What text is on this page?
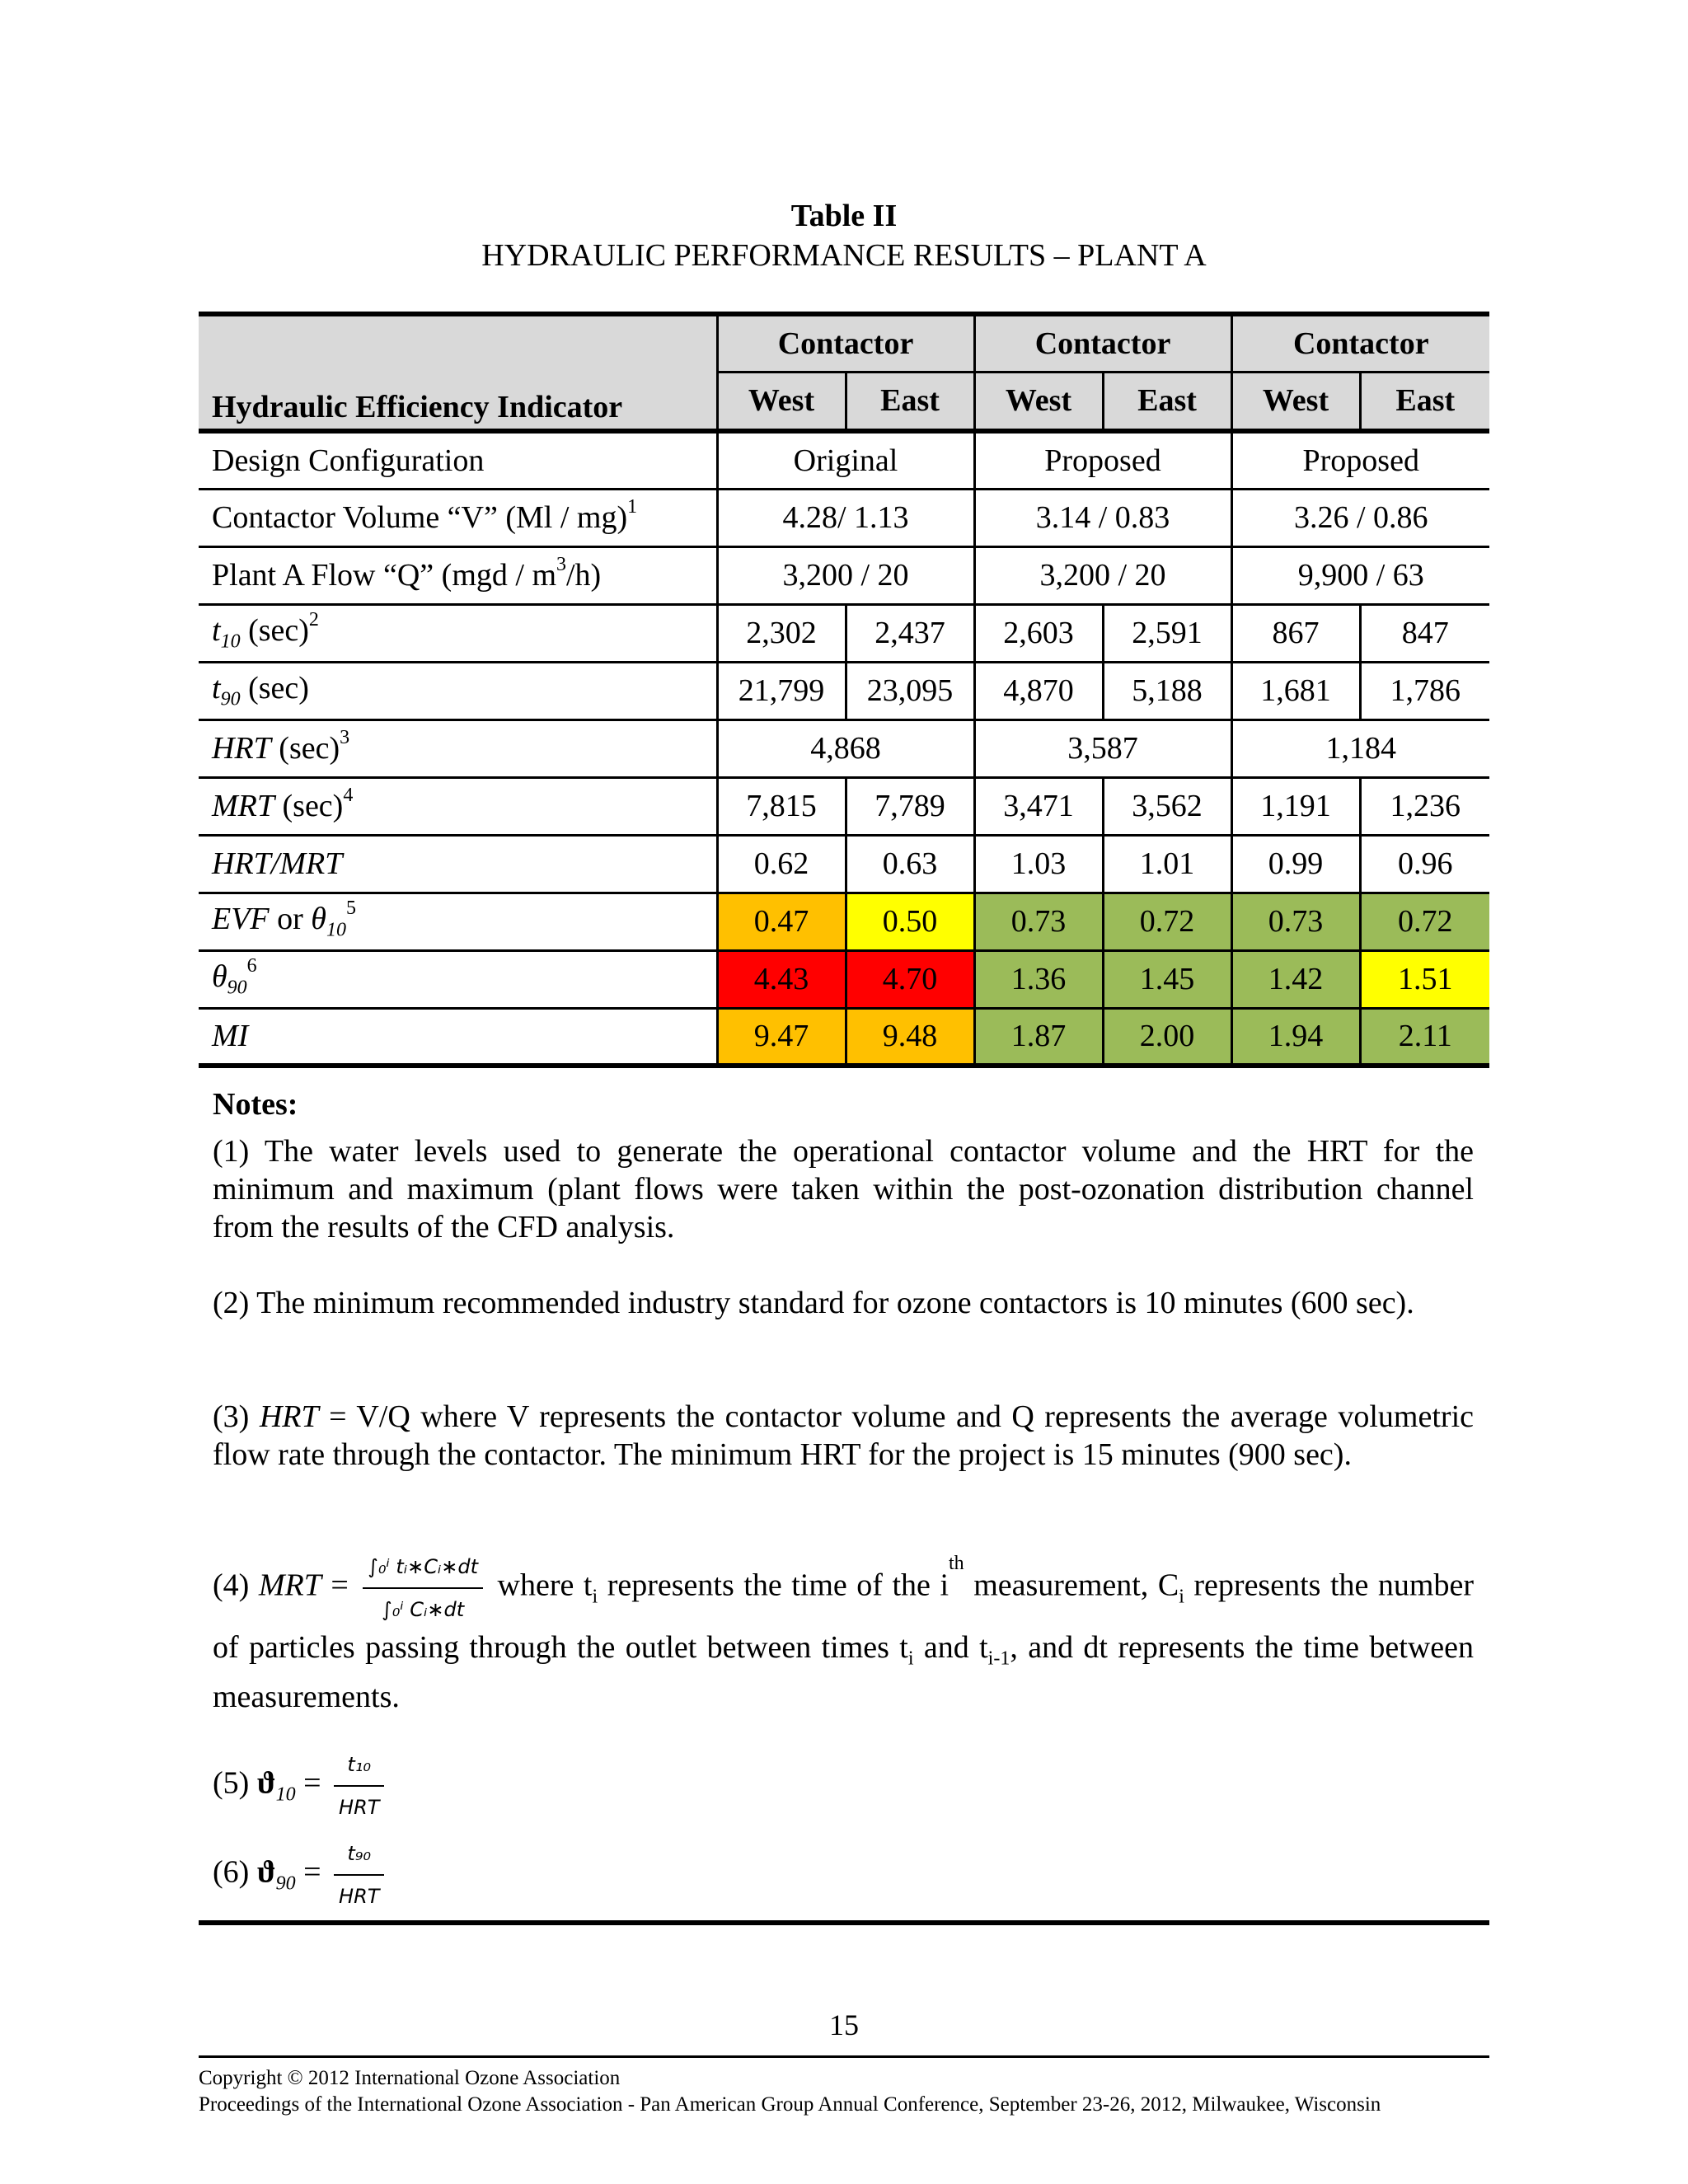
Table II
HYDRAULIC PERFORMANCE RESULTS – PLANT A
Hydraulic Efficiency Indicator	Contactor		Contactor		Contactor	
	West	East	West	East	West	East
Design Configuration	Original		Proposed		Proposed	
Contactor Volume “V” (Ml / mg)$^1$	4.28/ 1.13		3.14 / 0.83		3.26 / 0.86	
Plant A Flow “Q” $(mgd / m^3/h)$	3,200 / 20		3,200 / 20		9,900 / 63	
$t_{10}$ $(\sec)^2$	2,302	2,437	2,603	2,591	867	847
$t_{90}$ (sec)	21,799	23,095	4,870	5,188	1,681	1,786
HRT $(\sec)^3$	4,868		3,587		1,184	
MRT $(\sec)^4$	7,815	7,789	3,471	3,562	1,191	1,236
HRT/MRT	0.62	0.63	1.03	1.01	0.99	0.96
EVF or $\theta_{10}^5$	0.47	0.50	0.73	0.72	0.73	0.72
$\theta_{90}^6$	4.43	4.70	1.36	1.45	1.42	1.51
MI	9.47	9.48	1.87	2.00	1.94	2.11
Notes:
(1) The water levels used to generate the operational contactor volume and the HRT for the minimum and maximum (plant flows were taken within the post-ozonation distribution channel from the results of the CFD analysis.
(2) The minimum recommended industry standard for ozone contactors is 10 minutes (600 sec).
(3) HRT = V/Q where V represents the contactor volume and Q represents the average volumetric flow rate through the contactor. The minimum HRT for the project is 15 minutes (900 sec).
(4) MRT = $\frac{\text{∫₀ⁱ tᵢ∗Cᵢ∗dt}}{\text{∫₀ⁱ Cᵢ∗dt}}$ where $t_i$ represents the time of the $i^{th}$ measurement, $C_i$ represents the number of particles passing through the outlet between times $t_i$ and $t_{i-1}$, and dt represents the time between measurements.
(5) $ϑ_{10} = \frac{\text{t₁₀}}{\text{HRT}}$
(6) $ϑ_{90} = \frac{\text{t₉₀}}{\text{HRT}}$
15
Copyright © 2012 International Ozone Association
Proceedings of the International Ozone Association - Pan American Group Annual Conference, September 23-26, 2012, Milwaukee, Wisconsin
